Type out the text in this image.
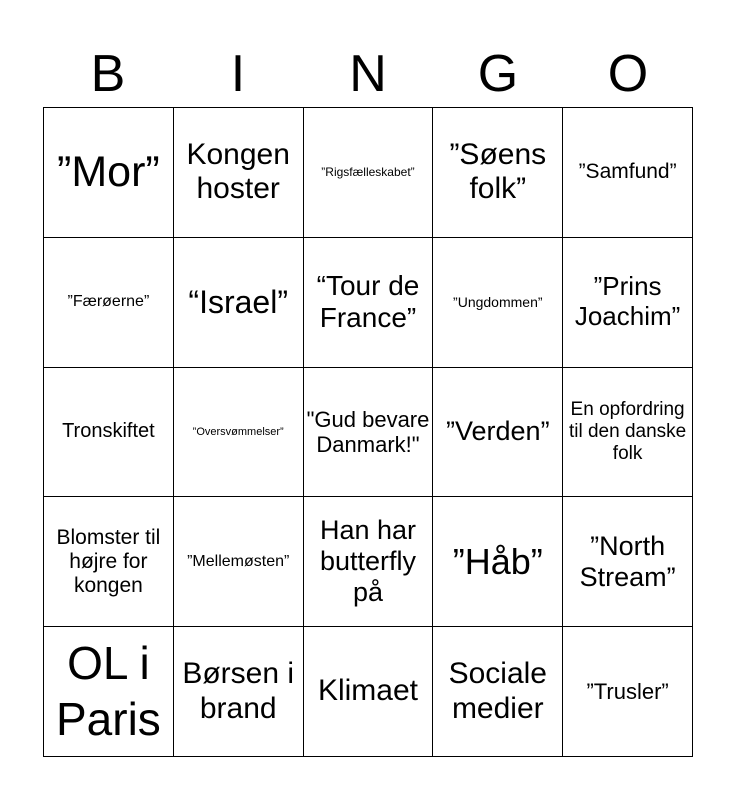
B	I	N	G	O
”Mor” Kongen hoster
”Rigsfælleskabet”
”Søens folk”
”Samfund”
”Færøerne” “Israel”	“Tour de France”
”Ungdommen”
”Prins Joachim”
Tronskiftet	”Oversvømmelser” "Gud bevare Danmark!" ”Verden”
En opfordring til den danske folk
Blomster til højre for kongen
”Mellemøsten”
Han har butterfly på
”Håb”	”North Stream”
OL i Paris
Børsen i brand
Klimaet
Sociale medier
”Trusler”
